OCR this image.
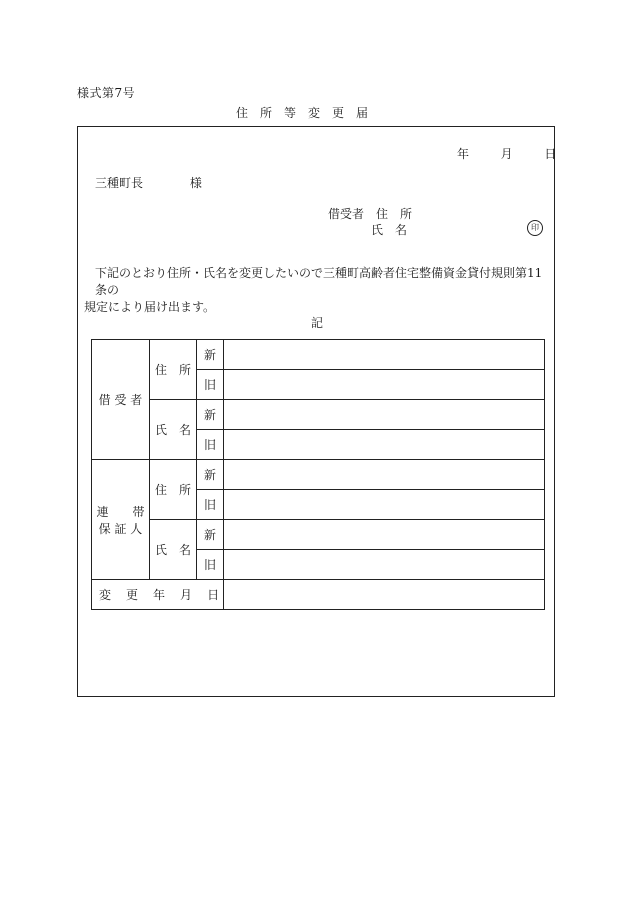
様式第7号
住　所　等　変　更　届
年	月	日
三種町長	様
借受者　住　所
氏　名	印
下記のとおり住所・氏名を変更したいので三種町高齢者住宅整備資金貸付規則第11条の
規定により届け出ます。
記
借 受 者	住　所	新	
		旧	
	氏　名	新	
		旧	

連　　帯
保 証 人	住　所	新	
		旧	
	氏　名	新	
		旧	
変 更 年 月 日			
